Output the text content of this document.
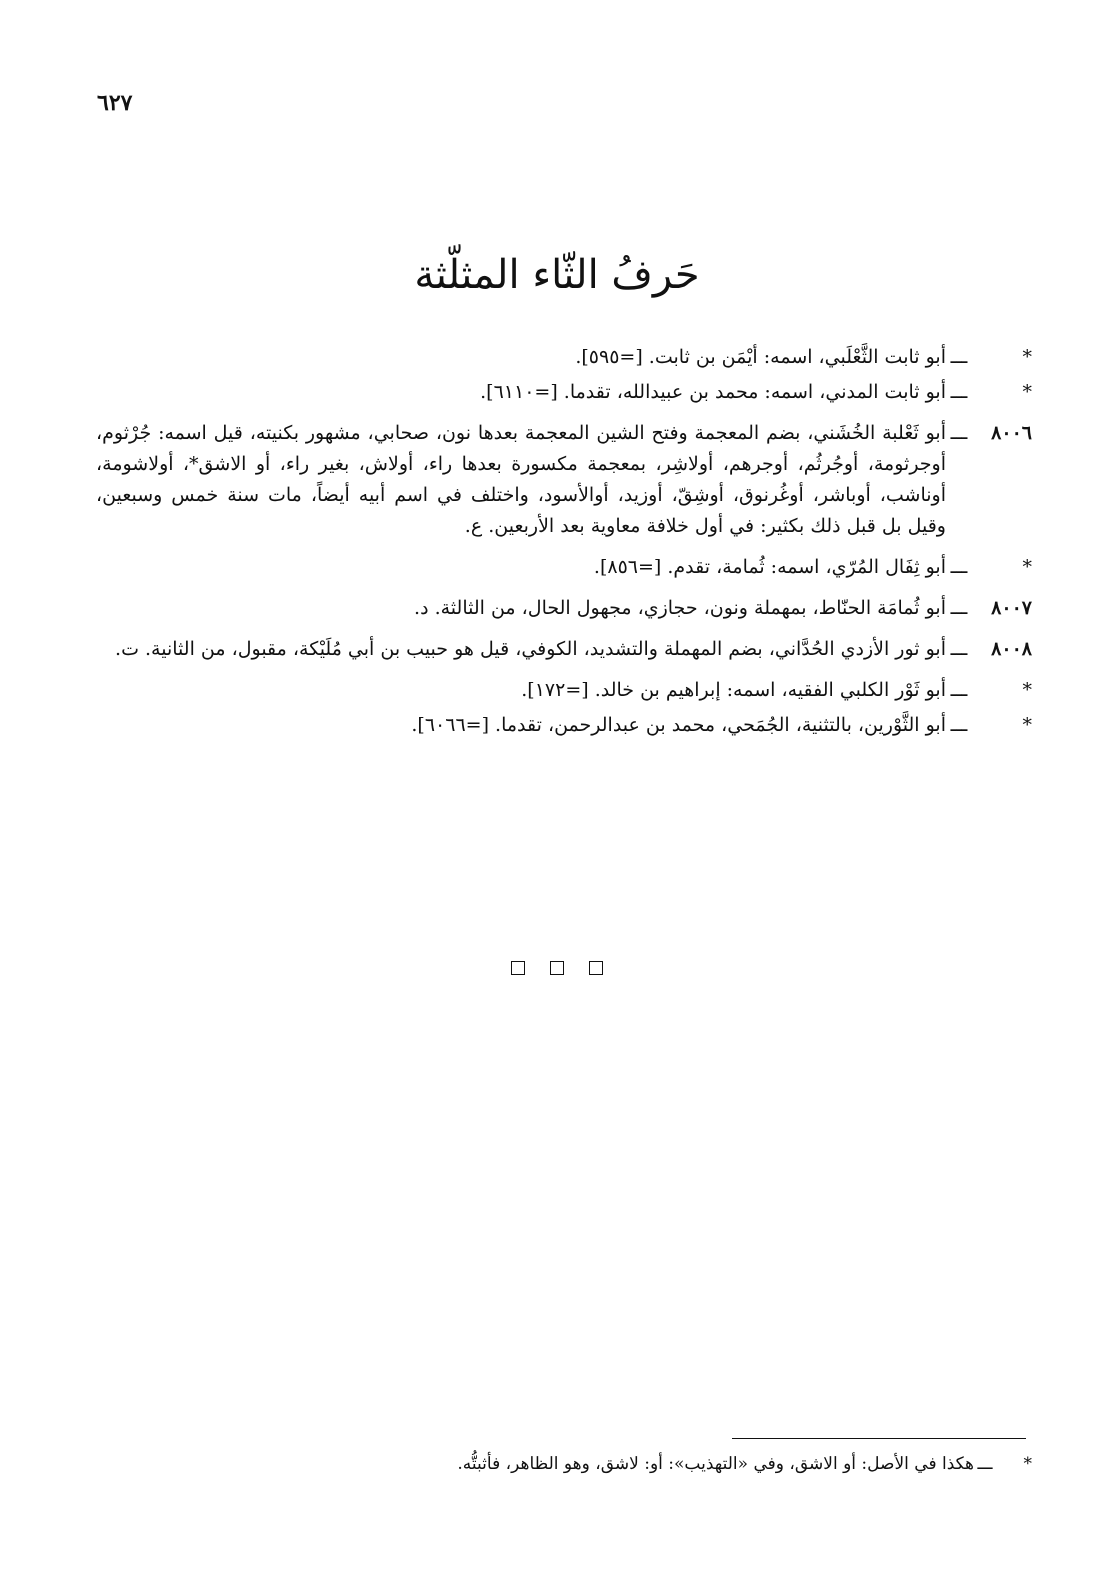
٦٢٧
حَرفُ الثّاء المثلّثة
*
ـــ
أبو ثابت الثَّعْلَبي، اسمه: أيْمَن بن ثابت. [=٥٩٥].
*
ـــ
أبو ثابت المدني، اسمه: محمد بن عبيدالله، تقدما. [=٦١١٠].
٨٠٠٦
ـــ
أبو ثَعْلبة الخُشَني، بضم المعجمة وفتح الشين المعجمة بعدها نون، صحابي، مشهور بكنيته، قيل اسمه: جُرْثوم، أوجرثومة، أوجُرثُم، أوجرهم، أولاشِر، بمعجمة مكسورة بعدها راء، أولاش، بغير راء، أو الاشق*، أولاشومة، أوناشب، أوباشر، أوغُرنوق، أوشِقّ، أوزيد، أوالأسود، واختلف في اسم أبيه أيضاً، مات سنة خمس وسبعين، وقيل بل قبل ذلك بكثير: في أول خلافة معاوية بعد الأربعين. ع.
*
ـــ
أبو ثِفَال المُرّي، اسمه: ثُمامة، تقدم. [=٨٥٦].
٨٠٠٧
ـــ
أبو ثُمامَة الحنّاط، بمهملة ونون، حجازي، مجهول الحال، من الثالثة. د.
٨٠٠٨
ـــ
أبو ثور الأزدي الحُدَّاني، بضم المهملة والتشديد، الكوفي، قيل هو حبيب بن أبي مُلَيْكة، مقبول، من الثانية. ت.
*
ـــ
أبو ثَوْر الكلبي الفقيه، اسمه: إبراهيم بن خالد. [=١٧٢].
*
ـــ
أبو الثَّوْرين، بالتثنية، الجُمَحي، محمد بن عبدالرحمن، تقدما. [=٦٠٦٦].

*
ـــ
هكذا في الأصل: أو الاشق، وفي «التهذيب»: أو: لاشق، وهو الظاهر، فأثبتُّه.
